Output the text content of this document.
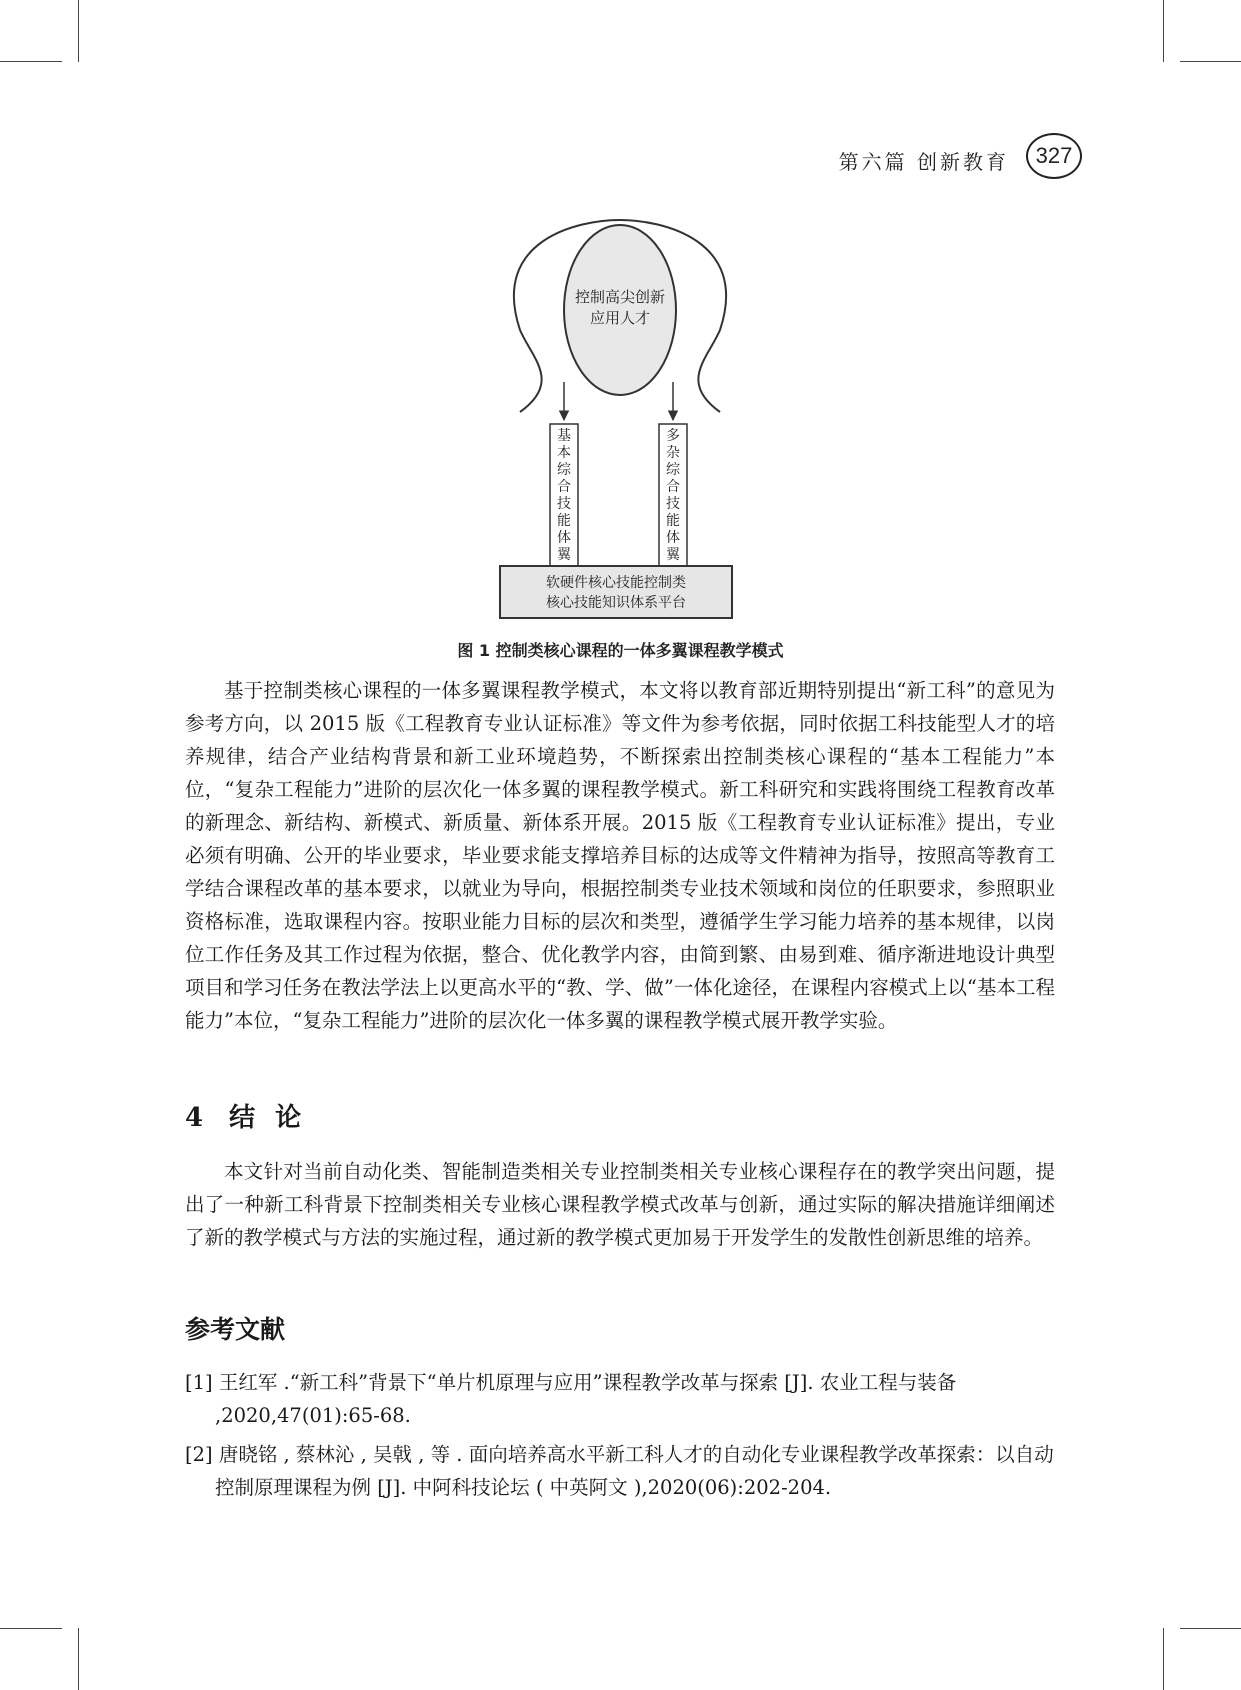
第六篇 创新教育	327
控制高尖创新
应用人才
基本综合技能体翼
多杂综合技能体翼
软硬件核心技能控制类
核心技能知识体系平台
图 1 控制类核心课程的一体多翼课程教学模式

基于控制类核心课程的一体多翼课程教学模式，本文将以教育部近期特别提出“新工科”的意见为参考方向，以 2015 版《工程教育专业认证标准》等文件为参考依据，同时依据工科技能型人才的培养规律，结合产业结构背景和新工业环境趋势，不断探索出控制类核心课程的“基本工程能力”本位，“复杂工程能力”进阶的层次化一体多翼的课程教学模式。新工科研究和实践将围绕工程教育改革的新理念、新结构、新模式、新质量、新体系开展。2015 版《工程教育专业认证标准》提出，专业必须有明确、公开的毕业要求，毕业要求能支撑培养目标的达成等文件精神为指导，按照高等教育工学结合课程改革的基本要求，以就业为导向，根据控制类专业技术领域和岗位的任职要求，参照职业资格标准，选取课程内容。按职业能力目标的层次和类型，遵循学生学习能力培养的基本规律，以岗位工作任务及其工作过程为依据，整合、优化教学内容，由简到繁、由易到难、循序渐进地设计典型项目和学习任务在教法学法上以更高水平的“教、学、做”一体化途径，在课程内容模式上以“基本工程能力”本位，“复杂工程能力”进阶的层次化一体多翼的课程教学模式展开教学实验。

4 结论

本文针对当前自动化类、智能制造类相关专业控制类相关专业核心课程存在的教学突出问题，提出了一种新工科背景下控制类相关专业核心课程教学模式改革与创新，通过实际的解决措施详细阐述了新的教学模式与方法的实施过程，通过新的教学模式更加易于开发学生的发散性创新思维的培养。

参考文献
[1] 王红军 .“新工科”背景下“单片机原理与应用”课程教学改革与探索 [J]. 农业工程与装备 ,2020,47(01):65-68.
[2] 唐晓铭 , 蔡林沁 , 吴戟 , 等 . 面向培养高水平新工科人才的自动化专业课程教学改革探索：以自动控制原理课程为例 [J]. 中阿科技论坛 ( 中英阿文 ),2020(06):202-204.
